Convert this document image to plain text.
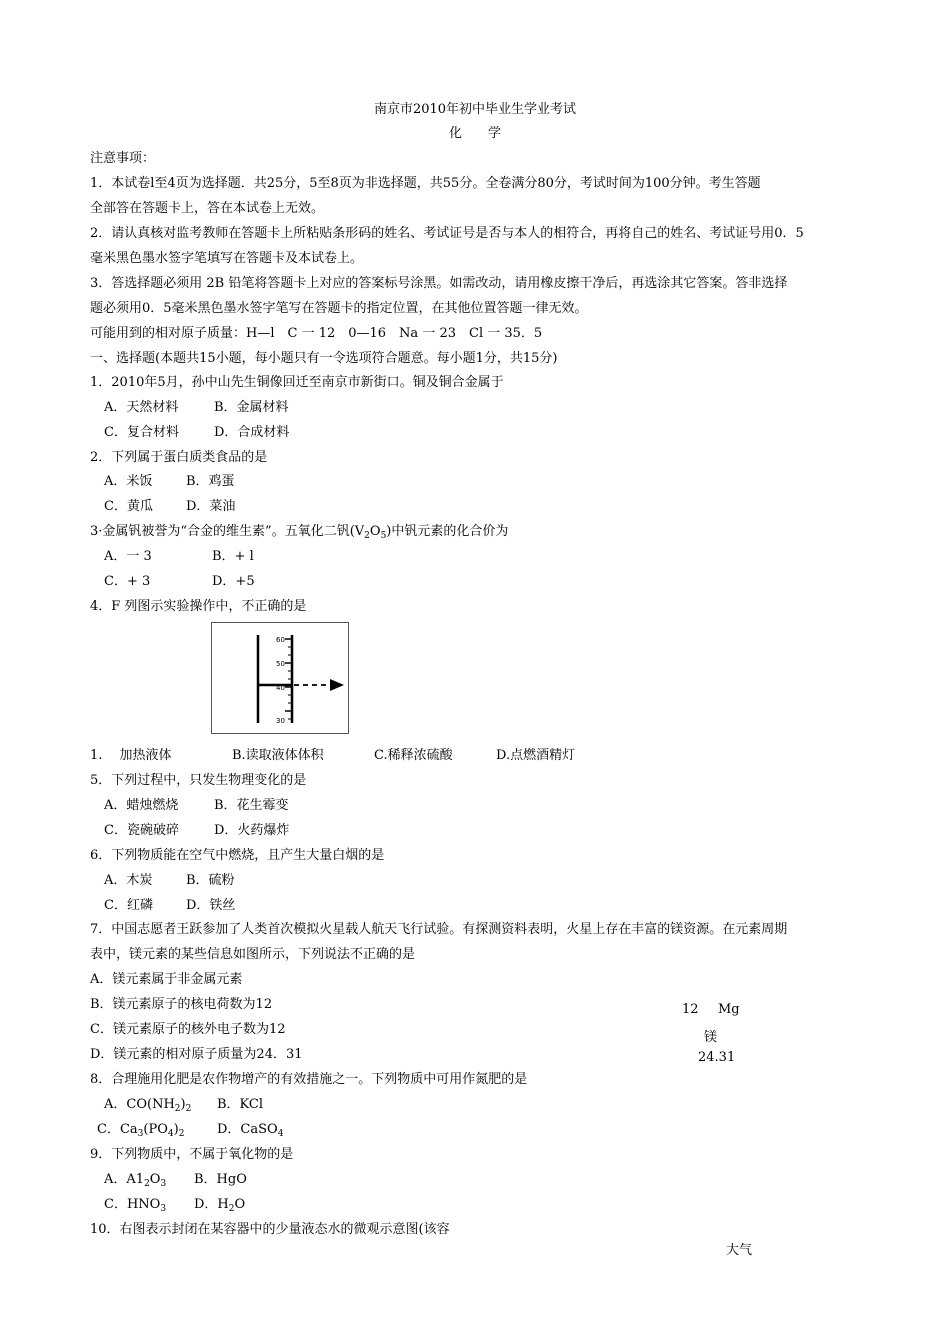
南京市2010年初中毕业生学业考试
化　　学
注意事项：
1．本试卷l至4页为选择题．共25分，5至8页为非选择题，共55分。全卷满分80分，考试时间为100分钟。考生答题
全部答在答题卡上，答在本试卷上无效。
2．请认真核对监考教师在答题卡上所粘贴条形码的姓名、考试证号是否与本人的相符合，再将自己的姓名、考试证号用0．5
毫米黑色墨水签字笔填写在答题卡及本试卷上。
3．答选择题必须用 2B 铅笔将答题卡上对应的答案标号涂黑。如需改动，请用橡皮擦干净后，再选涂其它答案。答非选择
题必须用0．5毫米黑色墨水签字笔写在答题卡的指定位置，在其他位置答题一律无效。
可能用到的相对原子质量：H—l　C 一 12　0—16　Na 一 23　Cl 一 35．5
一、选择题(本题共15小题，每小题只有一令选项符合题意。每小题1分，共15分)
1．2010年5月，孙中山先生铜像回迁至南京市新街口。铜及铜合金属于
A．天然材料	B．金属材料
C．复合材料	D．合成材料
2．下列属于蛋白质类食品的是
A．米饭	B．鸡蛋
C．黄瓜	D．菜油
3·金属钒被誉为“合金的维生素”。五氧化二钒$(V_2O_5)$中钒元素的化合价为
A．一 3	B．+ l
C．+ 3	D．+5
4．F 列图示实验操作中，不正确的是
60
50
40
30
1.　 加热液体	B.读取液体体积	C.稀释浓硫酸	D.点燃酒精灯
5．下列过程中，只发生物理变化的是
A．蜡烛燃烧	B．花生霉变
C．瓷碗破碎	D．火药爆炸
6．下列物质能在空气中燃烧，且产生大量白烟的是
A．木炭	B．硫粉
C．红磷	D．铁丝
7．中国志愿者王跃参加了人类首次模拟火星载人航天飞行试验。有探测资料表明，火星上存在丰富的镁资源。在元素周期
表中，镁元素的某些信息如图所示，下列说法不正确的是
A．镁元素属于非金属元素
B．镁元素原子的核电荷数为12
C．镁元素原子的核外电子数为12
D．镁元素的相对原子质量为24．31
12 Mg
镁
24.31
8．合理施用化肥是农作物增产的有效措施之一。下列物质中可用作氮肥的是
A．$CO(NH_2)_2$ B．KCl
C．$Ca_3(PO_4)_2$	D．CaSO$_4$
9．下列物质中，不属于氧化物的是
A．$A1_2O_3$ B．HgO
C．$HNO_3$ D．$H_2O$
10．右图表示封闭在某容器中的少量液态水的微观示意图(该容
大气
